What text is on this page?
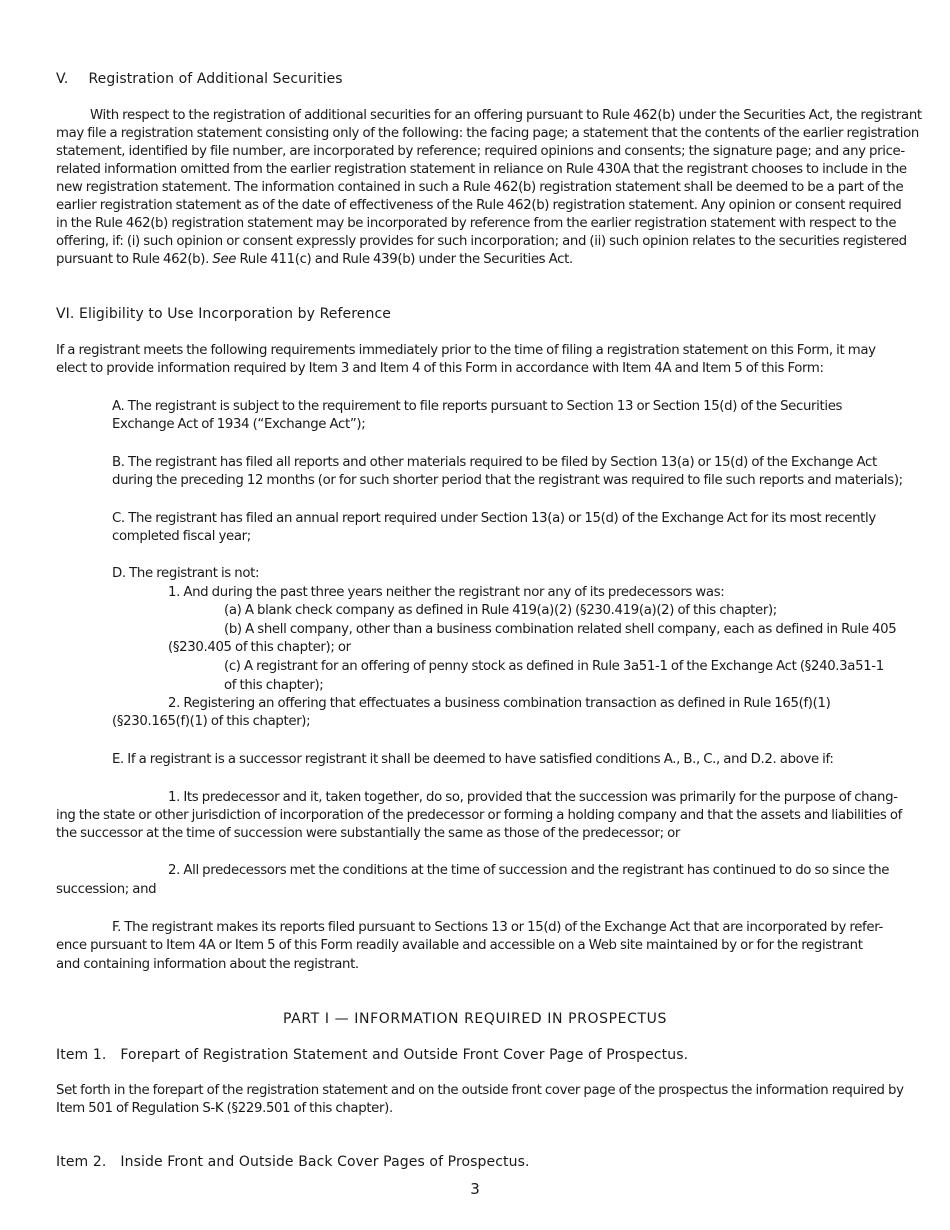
V. Registration of Additional Securities
With respect to the registration of additional securities for an offering pursuant to Rule 462(b) under the Securities Act, the registrant
may file a registration statement consisting only of the following: the facing page; a statement that the contents of the earlier registration
statement, identified by file number, are incorporated by reference; required opinions and consents; the signature page; and any price-
related information omitted from the earlier registration statement in reliance on Rule 430A that the registrant chooses to include in the
new registration statement. The information contained in such a Rule 462(b) registration statement shall be deemed to be a part of the
earlier registration statement as of the date of effectiveness of the Rule 462(b) registration statement. Any opinion or consent required
in the Rule 462(b) registration statement may be incorporated by reference from the earlier registration statement with respect to the
offering, if: (i) such opinion or consent expressly provides for such incorporation; and (ii) such opinion relates to the securities registered
pursuant to Rule 462(b). See Rule 411(c) and Rule 439(b) under the Securities Act.
VI. Eligibility to Use Incorporation by Reference
If a registrant meets the following requirements immediately prior to the time of filing a registration statement on this Form, it may
elect to provide information required by Item 3 and Item 4 of this Form in accordance with Item 4A and Item 5 of this Form:
A. The registrant is subject to the requirement to file reports pursuant to Section 13 or Section 15(d) of the Securities
Exchange Act of 1934 (“Exchange Act”);
B. The registrant has filed all reports and other materials required to be filed by Section 13(a) or 15(d) of the Exchange Act
during the preceding 12 months (or for such shorter period that the registrant was required to file such reports and materials);
C. The registrant has filed an annual report required under Section 13(a) or 15(d) of the Exchange Act for its most recently
completed fiscal year;
D. The registrant is not:
1. And during the past three years neither the registrant nor any of its predecessors was:
(a) A blank check company as defined in Rule 419(a)(2) (§230.419(a)(2) of this chapter);
(b) A shell company, other than a business combination related shell company, each as defined in Rule 405
(§230.405 of this chapter); or
(c) A registrant for an offering of penny stock as defined in Rule 3a51-1 of the Exchange Act (§240.3a51-1
of this chapter);
2. Registering an offering that effectuates a business combination transaction as defined in Rule 165(f)(1)
(§230.165(f)(1) of this chapter);
E. If a registrant is a successor registrant it shall be deemed to have satisfied conditions A., B., C., and D.2. above if:
1. Its predecessor and it, taken together, do so, provided that the succession was primarily for the purpose of chang-
ing the state or other jurisdiction of incorporation of the predecessor or forming a holding company and that the assets and liabilities of
the successor at the time of succession were substantially the same as those of the predecessor; or
2. All predecessors met the conditions at the time of succession and the registrant has continued to do so since the
succession; and
F. The registrant makes its reports filed pursuant to Sections 13 or 15(d) of the Exchange Act that are incorporated by refer-
ence pursuant to Item 4A or Item 5 of this Form readily available and accessible on a Web site maintained by or for the registrant
and containing information about the registrant.
PART I — INFORMATION REQUIRED IN PROSPECTUS
Item 1. Forepart of Registration Statement and Outside Front Cover Page of Prospectus.
Set forth in the forepart of the registration statement and on the outside front cover page of the prospectus the information required by
Item 501 of Regulation S-K (§229.501 of this chapter).
Item 2. Inside Front and Outside Back Cover Pages of Prospectus.
3
